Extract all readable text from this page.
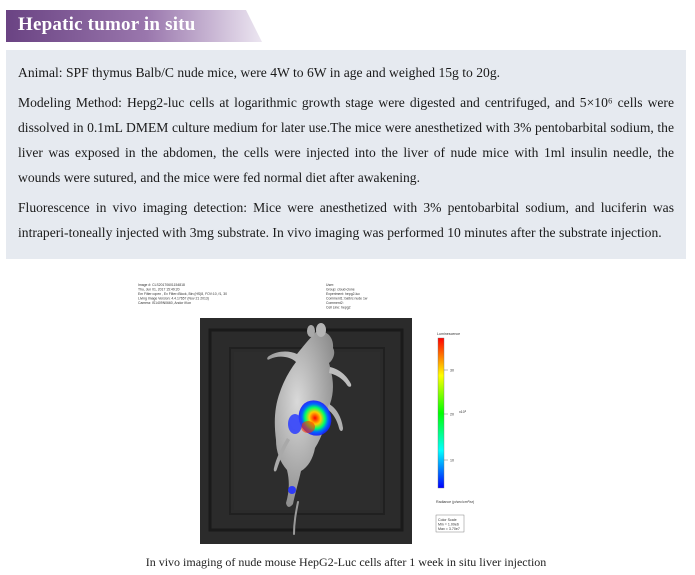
Hepatic tumor in situ

Animal: SPF thymus Balb/C nude mice, were 4W to 6W in age and weighed 15g to 20g.

Modeling Method: Hepg2-luc cells at logarithmic growth stage were digested and centrifuged, and 5×10⁶ cells were dissolved in 0.1mL DMEM culture medium for later use.The mice were anesthetized with 3% pentobarbital sodium, the liver was exposed in the abdomen, the cells were injected into the liver of nude mice with 1ml insulin needle, the wounds were sutured, and the mice were fed normal diet after awakening.

Fluorescence in vivo imaging detection: Mice were anesthetized with 3% pentobarbital sodium, and luciferin was intraperi-toneally injected with 3mg substrate. In vivo imaging was performed 10 minutes after the substrate injection.

Image #: CLS20170601154818
Thu, Jun 01, 2017 15:49:20
Em Filter=open , Ex Filter=Block, Bin:(HS)8, FOV:10, f1, 30
Living Image Version: 4.4.17657 (Nov 21 2013)
Camera: IS1409N0660, Andor iKon
User:
Group: cloud-clone
Experiment: hepg2-luc
Comment1: balb/c nude 1w
Comment2:
Cell Line: hepg2
Luminescence
30
20
x10⁶
10
Radiance (p/sec/cm²/sr)
Color Scale
Min = 1.09e6
Max = 3.70e7
In vivo imaging of nude mouse HepG2-Luc cells after 1 week in situ liver injection
